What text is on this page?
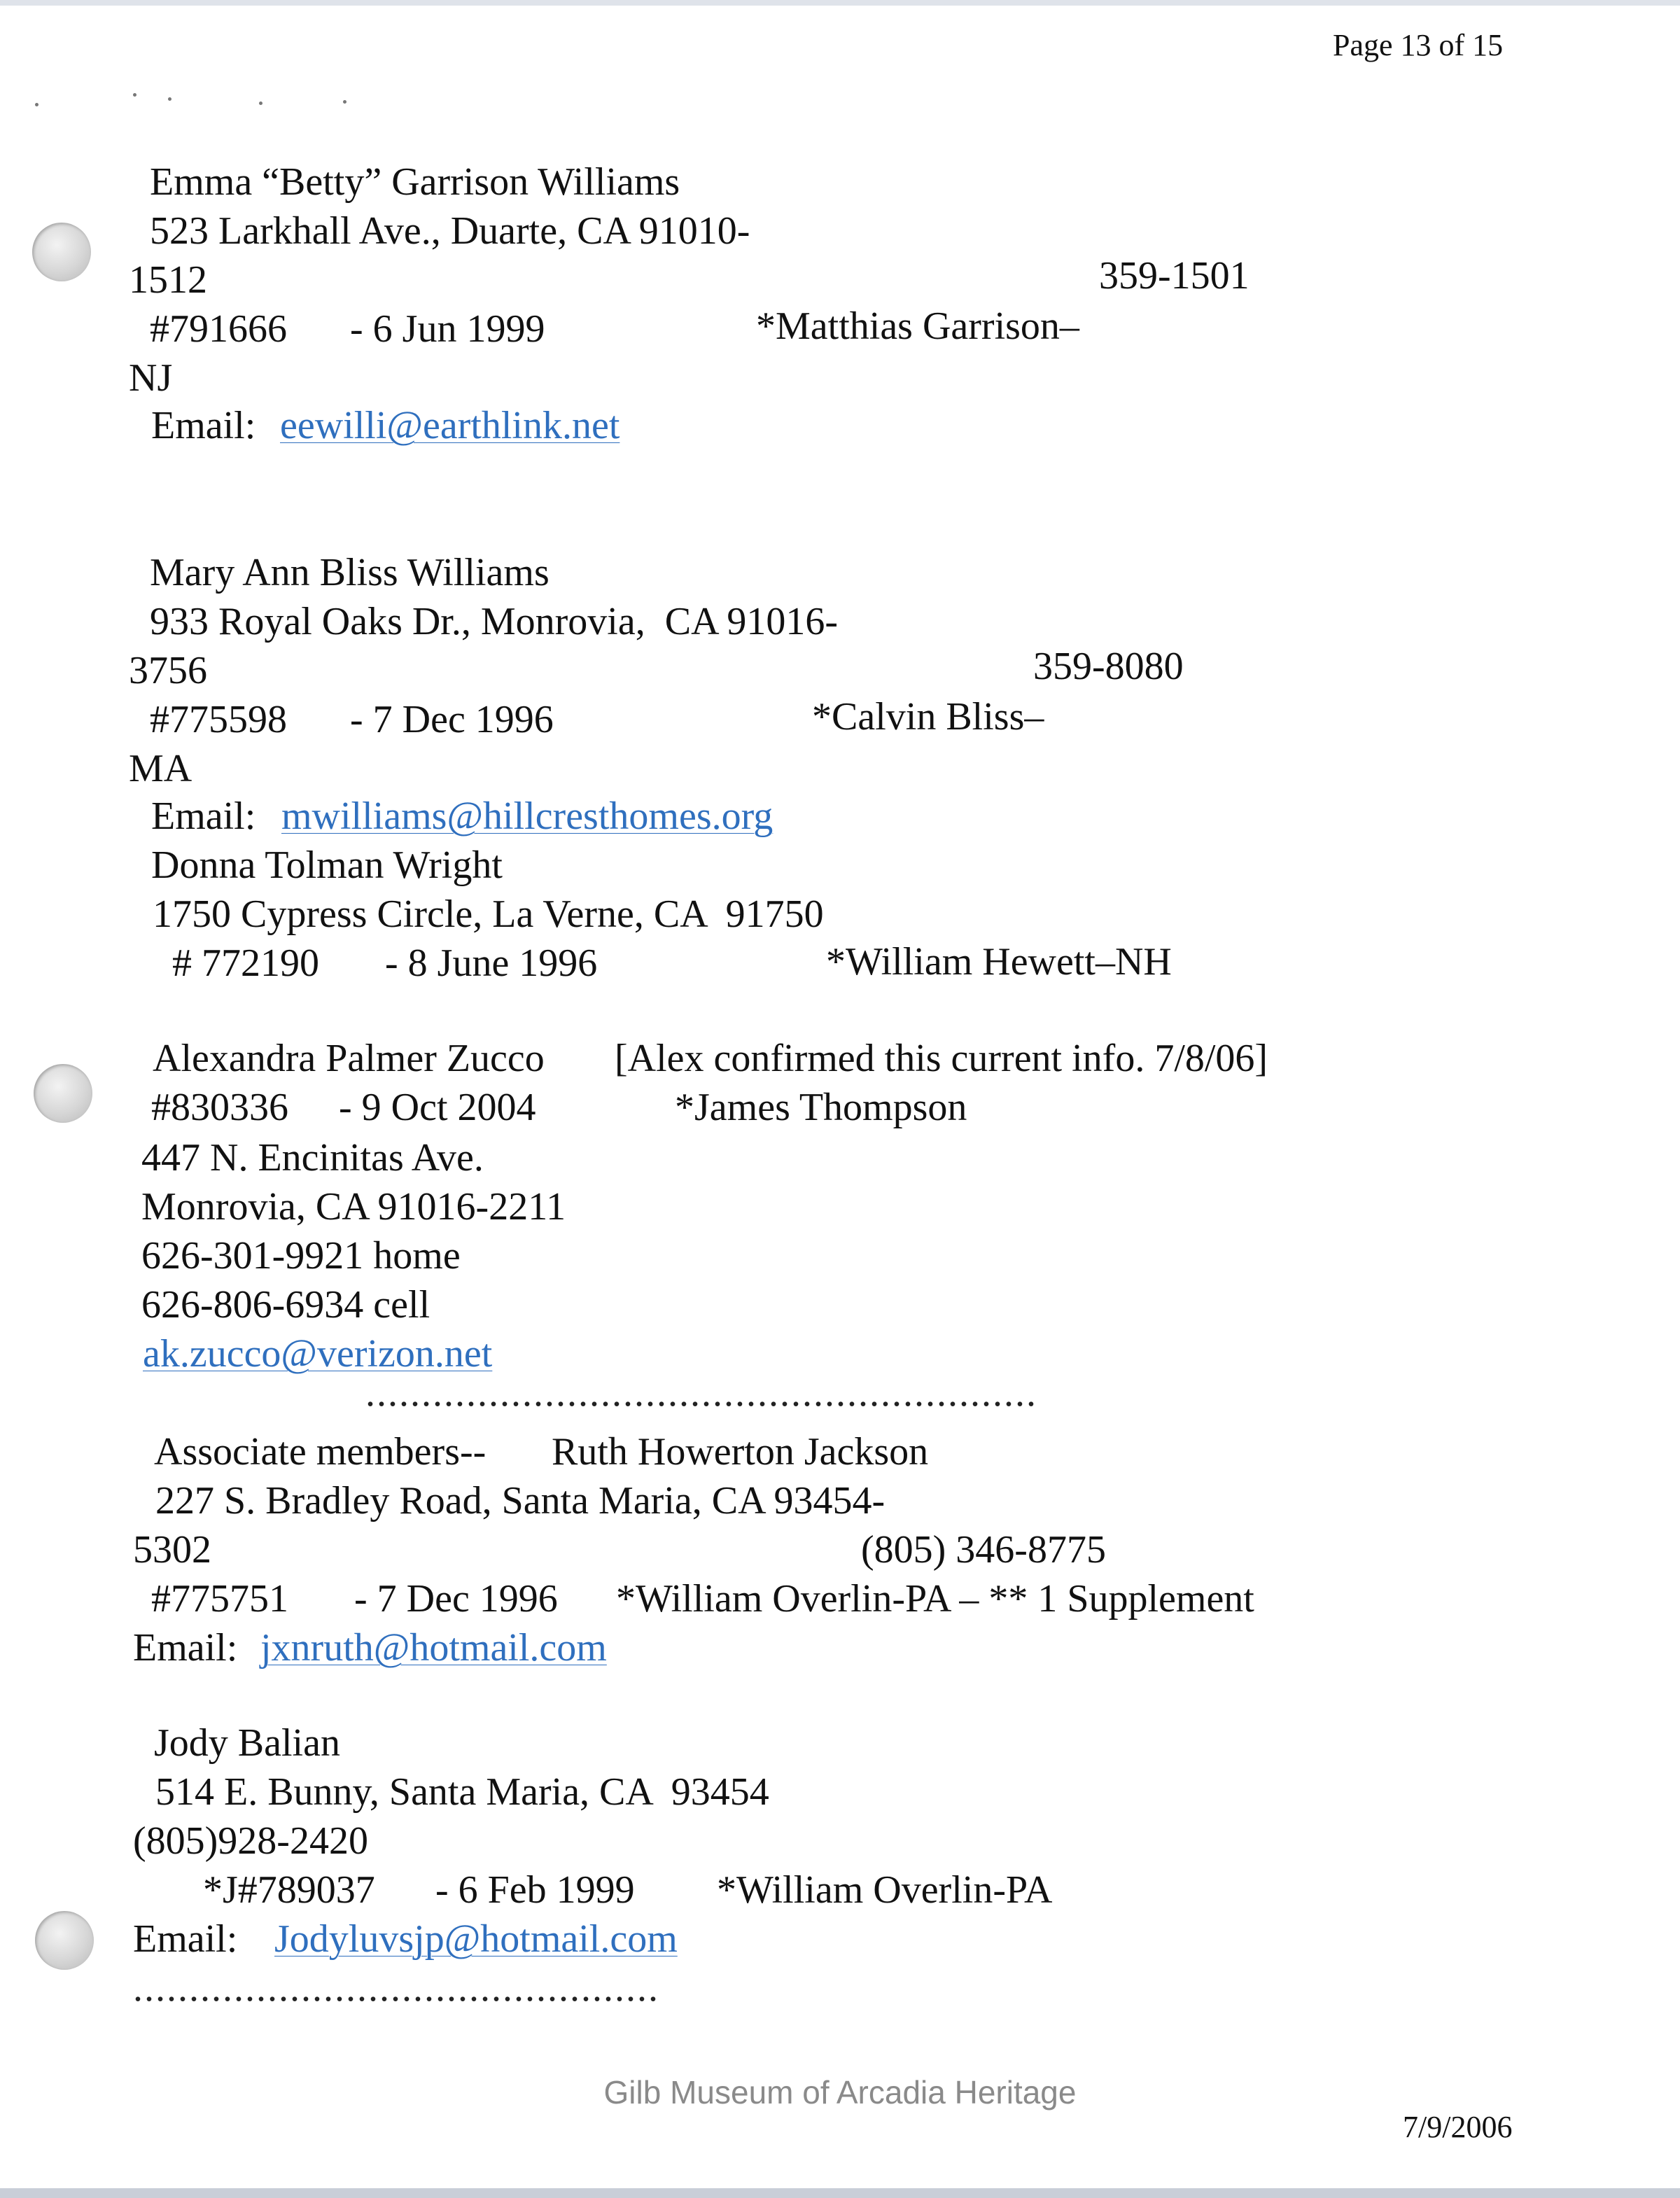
Page 13 of 15
Emma “Betty” Garrison Williams
523 Larkhall Ave., Duarte, CA 91010-
1512	359-1501
#791666 - 6 Jun 1999	*Matthias Garrison–
NJ
Email: eewilli@earthlink.net
Mary Ann Bliss Williams
933 Royal Oaks Dr., Monrovia,  CA 91016-
3756	359-8080
#775598 - 7 Dec 1996	*Calvin Bliss–
MA
Email: mwilliams@hillcresthomes.org
Donna Tolman Wright
1750 Cypress Circle, La Verne, CA  91750
# 772190 - 8 June 1996	*William Hewett–NH
Alexandra Palmer Zucco [Alex confirmed this current info. 7/8/06]
#830336 - 9 Oct 2004	*James Thompson
447 N. Encinitas Ave.
Monrovia, CA 91016-2211
626-301-9921 home
626-806-6934 cell
ak.zucco@verizon.net
............................................................
Associate members-- Ruth Howerton Jackson
227 S. Bradley Road, Santa Maria, CA 93454-
5302	(805) 346-8775
#775751 - 7 Dec 1996 *William Overlin-PA – ** 1 Supplement
Email: jxnruth@hotmail.com
Jody Balian
514 E. Bunny, Santa Maria, CA  93454
(805)928-2420
*J#789037 - 6 Feb 1999 *William Overlin-PA
Email: Jodyluvsjp@hotmail.com
...............................................
Gilb Museum of Arcadia Heritage
7/9/2006
